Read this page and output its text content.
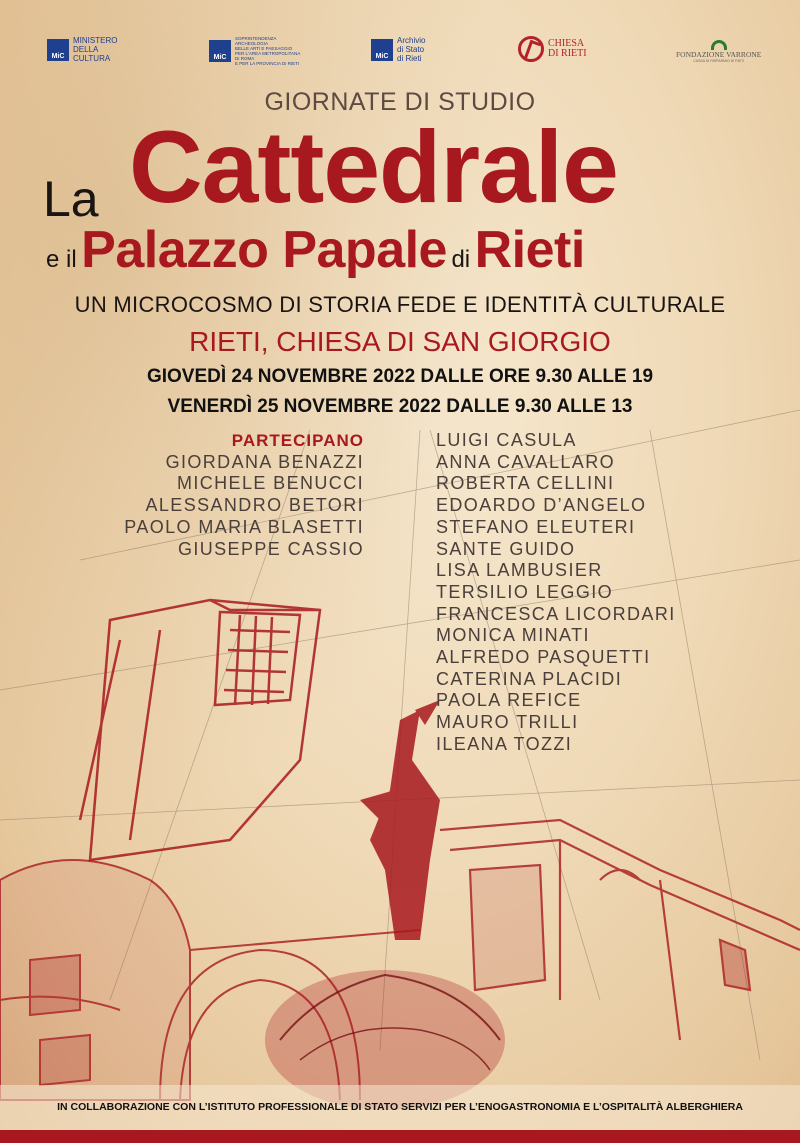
MiC
MINISTERO
DELLA
CULTURA	MiC
SOPRINTENDENZA ARCHEOLOGIA
BELLE ARTI E PAESAGGIO
PER L'AREA METROPOLITANA DI ROMA
E PER LA PROVINCIA DI RIETI
MiC
Archivio
di Stato
di Rieti
CHIESA
DI RIETI	FONDAZIONE VARRONE
CASSA DI RISPARMIO DI RIETI
GIORNATE DI STUDIO
La Cattedrale
e il Palazzo Papale di Rieti
UN MICROCOSMO DI STORIA FEDE E IDENTITÀ CULTURALE
RIETI, CHIESA DI SAN GIORGIO
GIOVEDÌ 24 NOVEMBRE 2022 DALLE ORE 9.30 ALLE 19
VENERDÌ 25 NOVEMBRE 2022 DALLE 9.30 ALLE 13
PARTECIPANO
GIORDANA BENAZZI
MICHELE BENUCCI
ALESSANDRO BETORI
PAOLO MARIA BLASETTI
GIUSEPPE CASSIO
LUIGI CASULA
ANNA CAVALLARO
ROBERTA CELLINI
EDOARDO D’ANGELO
STEFANO ELEUTERI
SANTE GUIDO
LISA LAMBUSIER
TERSILIO LEGGIO
FRANCESCA LICORDARI
MONICA MINATI
ALFREDO PASQUETTI
CATERINA PLACIDI
PAOLA REFICE
MAURO TRILLI
ILEANA TOZZI
IN COLLABORAZIONE CON L’ISTITUTO PROFESSIONALE DI STATO SERVIZI PER L’ENOGASTRONOMIA E L’OSPITALITÀ ALBERGHIERA
